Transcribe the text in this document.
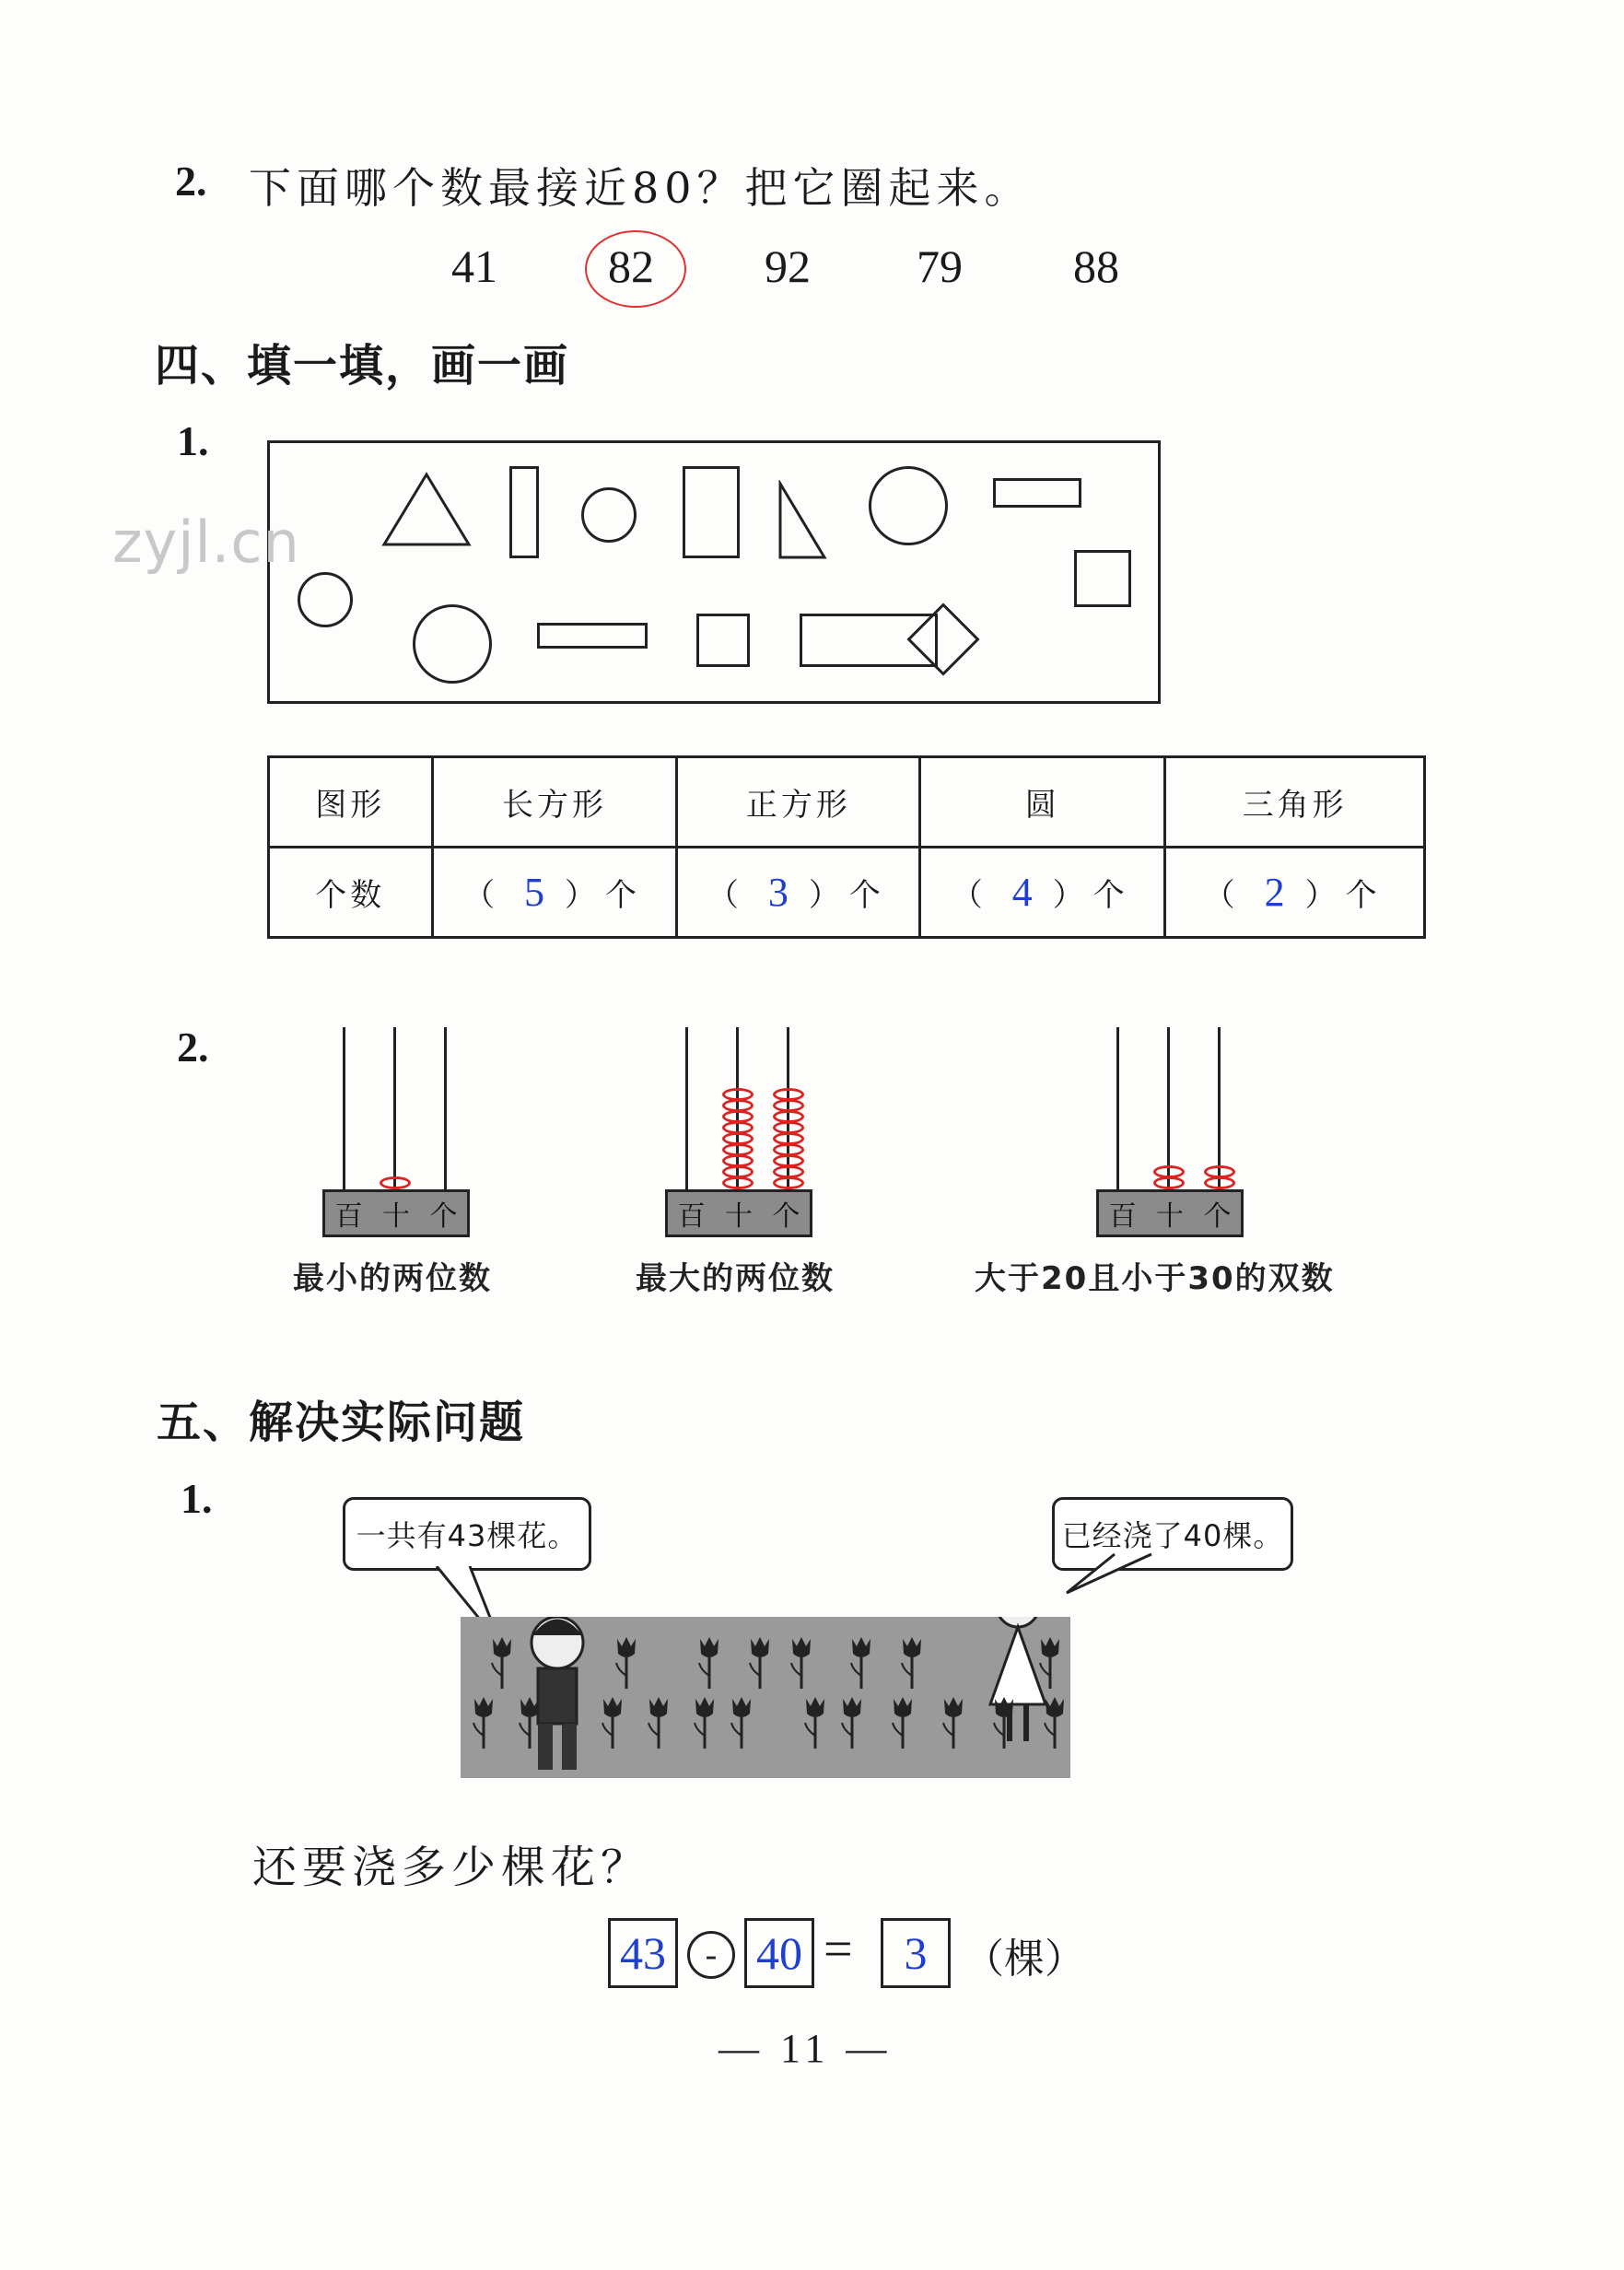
2. 下面哪个数最接近80？把它圈起来。
41	82	92	79	88
四、填一填，画一画
1.
zyjl.cn
图形	长方形	正方形	圆	三角形
个数	（ 5 ）个	（ 3 ）个	（ 4 ）个	（ 2 ）个
2.
百 十 个	百 十 个	百 十 个
最小的两位数	最大的两位数	大于20且小于30的双数
五、解决实际问题
1.
一共有43棵花。	已经浇了40棵。
还要浇多少棵花？
43	- 40 =	3 （棵）
— 11 —
